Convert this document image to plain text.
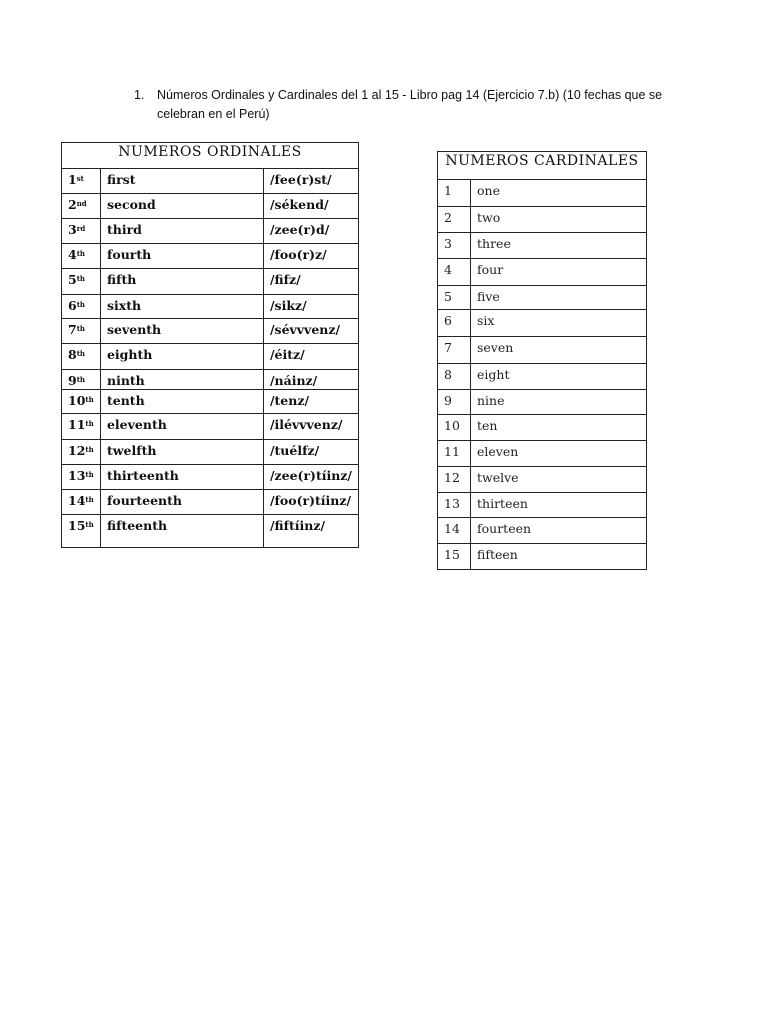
1. Números Ordinales y Cardinales del 1 al 15 - Libro pag 14 (Ejercicio 7.b) (10 fechas que se celebran en el Perú)
NUMEROS ORDINALES		
1st	first	/fee(r)st/
2nd	second	/sékend/
3rd	third	/zee(r)d/
4th	fourth	/foo(r)z/
5th	fifth	/fifz/
6th	sixth	/sikz/
7th	seventh	/sévvvenz/
8th	eighth	/éitz/
9th	ninth	/náinz/
10th	tenth	/tenz/
11th	eleventh	/ilévvvenz/
12th	twelfth	/tuélfz/
13th	thirteenth	/zee(r)tíinz/
14th	fourteenth	/foo(r)tíinz/
15th	fifteenth	/fiftíinz/
NUMEROS CARDINALES	
1	one
2	two
3	three
4	four
5	five
6	six
7	seven
8	eight
9	nine
10	ten
11	eleven
12	twelve
13	thirteen
14	fourteen
15	fifteen
